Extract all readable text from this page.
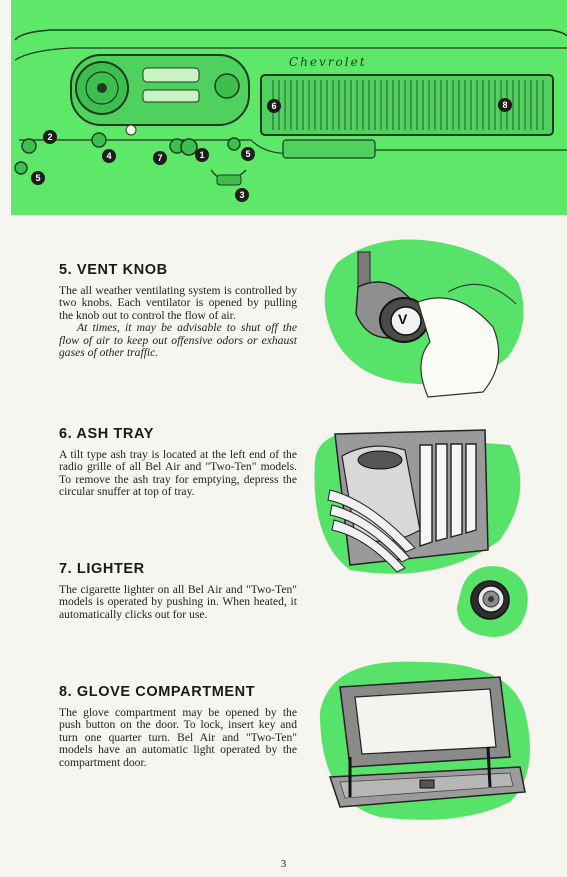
Chevrolet
2
5
4	7	1	5
3
6	8
5. VENT KNOB

The all weather ventilating system is controlled by two knobs. Each ventilator is opened by pulling the knob out to control the flow of air.

At times, it may be advisable to shut off the flow of air to keep out offensive odors or exhaust gases of other traffic.

6. ASH TRAY

A tilt type ash tray is located at the left end of the radio grille of all Bel Air and "Two-Ten" models. To remove the ash tray for emptying, depress the circular snuffer at top of tray.

7. LIGHTER

The cigarette lighter on all Bel Air and "Two-Ten" models is operated by pushing in. When heated, it automatically clicks out for use.

8. GLOVE COMPARTMENT

The glove compartment may be opened by the push button on the door. To lock, insert key and turn one quarter turn. Bel Air and "Two-Ten" models have an automatic light operated by the compartment door.

V
3
